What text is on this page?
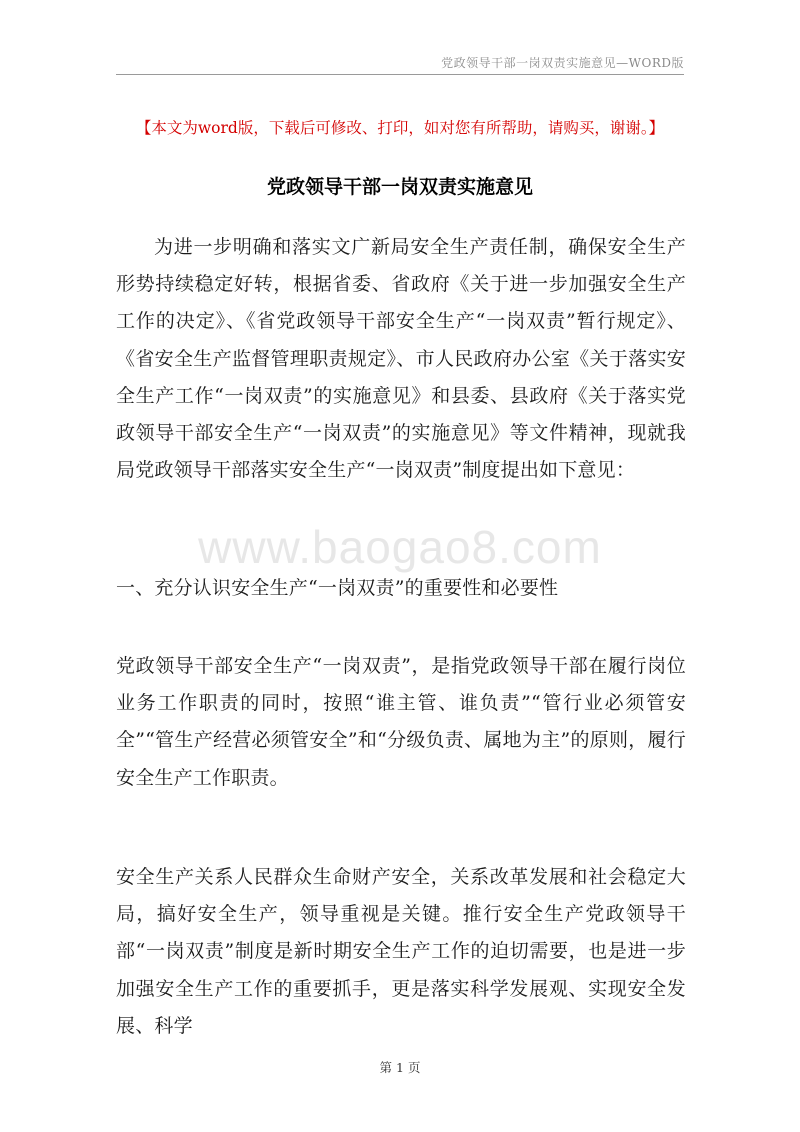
党政领导干部一岗双责实施意见—WORD版
【本文为word版，下载后可修改、打印，如对您有所帮助，请购买，谢谢。】
党政领导干部一岗双责实施意见

为进一步明确和落实文广新局安全生产责任制，确保安全生产形势持续稳定好转，根据省委、省政府《关于进一步加强安全生产工作的决定》、《省党政领导干部安全生产“一岗双责”暂行规定》、《省安全生产监督管理职责规定》、市人民政府办公室《关于落实安全生产工作“一岗双责”的实施意见》和县委、县政府《关于落实党政领导干部安全生产“一岗双责”的实施意见》等文件精神，现就我局党政领导干部落实安全生产“一岗双责”制度提出如下意见：

www.baogao8.com

一、充分认识安全生产“一岗双责”的重要性和必要性

党政领导干部安全生产“一岗双责”，是指党政领导干部在履行岗位业务工作职责的同时，按照“谁主管、谁负责”“管行业必须管安全”“管生产经营必须管安全”和“分级负责、属地为主”的原则，履行安全生产工作职责。

安全生产关系人民群众生命财产安全，关系改革发展和社会稳定大局，搞好安全生产，领导重视是关键。推行安全生产党政领导干部“一岗双责”制度是新时期安全生产工作的迫切需要，也是进一步加强安全生产工作的重要抓手，更是落实科学发展观、实现安全发展、科学

第 1 页
